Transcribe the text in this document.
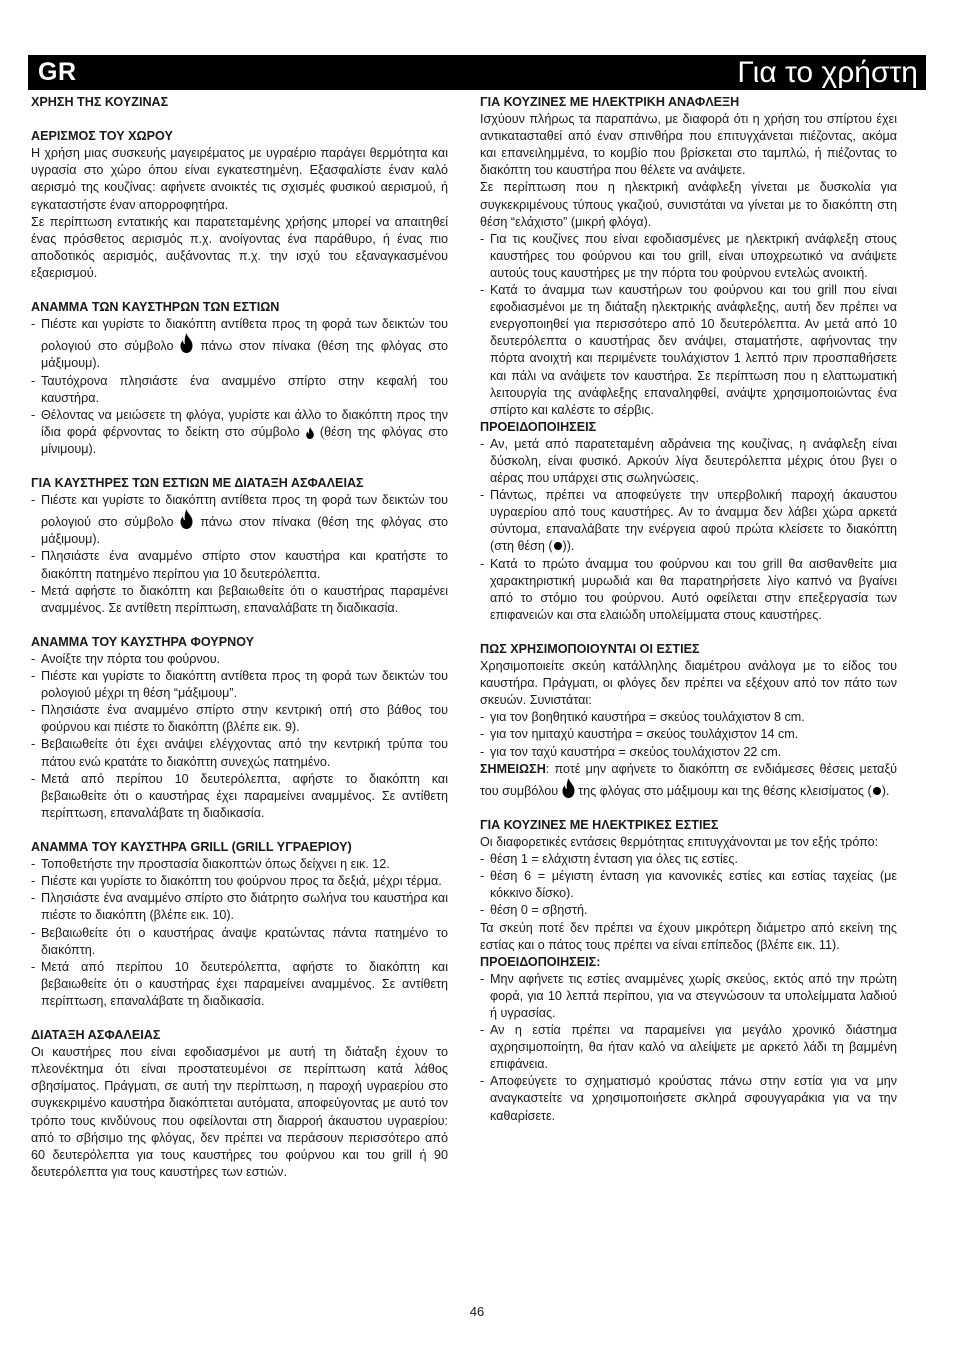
GR	Για το χρήστη
ΧΡΗΣΗ ΤΗΣ ΚΟΥΖΙΝΑΣ
ΑΕΡΙΣΜΟΣ ΤΟΥ ΧΩΡΟΥ

Η χρήση μιας συσκευής μαγειρέματος με υγραέριο παράγει θερμότητα και υγρασία στο χώρο όπου είναι εγκατεστημένη. Εξασφαλίστε έναν καλό αερισμό της κουζίνας: αφήνετε ανοικτές τις σχισμές φυσικού αερισμού, ή εγκαταστήστε έναν απορροφητήρα.

Σε περίπτωση εντατικής και παρατεταμένης χρήσης μπορεί να απαιτηθεί ένας πρόσθετος αερισμός π.χ. ανοίγοντας ένα παράθυρο, ή ένας πιο αποδοτικός αερισμός, αυξάνοντας π.χ. την ισχύ του εξαναγκασμένου εξαερισμού.

ΑΝΑΜΜΑ ΤΩΝ ΚΑΥΣΤΗΡΩΝ ΤΩΝ ΕΣΤΙΩΝ
- Πιέστε και γυρίστε το διακόπτη αντίθετα προς τη φορά των δεικτών του ρολογιού στο σύμβολο πάνω στον πίνακα (θέση της φλόγας στο μάξιμουμ).
- Ταυτόχρονα πλησιάστε ένα αναμμένο σπίρτο στην κεφαλή του καυστήρα.
- Θέλοντας να μειώσετε τη φλόγα, γυρίστε και άλλο το διακόπτη προς την ίδια φορά φέρνοντας το δείκτη στο σύμβολο (θέση της φλόγας στο μίνιμουμ).
ΓΙΑ ΚΑΥΣΤΗΡΕΣ ΤΩΝ ΕΣΤΙΩΝ ΜΕ ΔΙΑΤΑΞΗ ΑΣΦΑΛΕΙΑΣ
- Πιέστε και γυρίστε το διακόπτη αντίθετα προς τη φορά των δεικτών του ρολογιού στο σύμβολο πάνω στον πίνακα (θέση της φλόγας στο μάξιμουμ).
- Πλησιάστε ένα αναμμένο σπίρτο στον καυστήρα και κρατήστε το διακόπτη πατημένο περίπου για 10 δευτερόλεπτα.
- Μετά αφήστε το διακόπτη και βεβαιωθείτε ότι ο καυστήρας παραμένει αναμμένος. Σε αντίθετη περίπτωση, επαναλάβατε τη διαδικασία.
ΑΝΑΜΜΑ ΤΟΥ ΚΑΥΣΤΗΡΑ ΦΟΥΡΝΟΥ
- Ανοίξτε την πόρτα του φούρνου.
- Πιέστε και γυρίστε το διακόπτη αντίθετα προς τη φορά των δεικτών του ρολογιού μέχρι τη θέση “μάξιμουμ”.
- Πλησιάστε ένα αναμμένο σπίρτο στην κεντρική οπή στο βάθος του φούρνου και πιέστε το διακόπτη (βλέπε εικ. 9).
- Βεβαιωθείτε ότι έχει ανάψει ελέγχοντας από την κεντρική τρύπα του πάτου ενώ κρατάτε το διακόπτη συνεχώς πατημένο.
- Μετά από περίπου 10 δευτερόλεπτα, αφήστε το διακόπτη και βεβαιωθείτε ότι ο καυστήρας έχει παραμείνει αναμμένος. Σε αντίθετη περίπτωση, επαναλάβατε τη διαδικασία.
ΑΝΑΜΜΑ ΤΟΥ ΚΑΥΣΤΗΡΑ GRILL (GRILL ΥΓΡΑΕΡΙΟΥ)
- Τοποθετήστε την προστασία διακοπτών όπως δείχνει η εικ. 12.
- Πιέστε και γυρίστε το διακόπτη του φούρνου προς τα δεξιά, μέχρι τέρμα.
- Πλησιάστε ένα αναμμένο σπίρτο στο διάτρητο σωλήνα του καυστήρα και πιέστε το διακόπτη (βλέπε εικ. 10).
- Βεβαιωθείτε ότι ο καυστήρας άναψε κρατώντας πάντα πατημένο το διακόπτη.
- Μετά από περίπου 10 δευτερόλεπτα, αφήστε το διακόπτη και βεβαιωθείτε ότι ο καυστήρας έχει παραμείνει αναμμένος. Σε αντίθετη περίπτωση, επαναλάβατε τη διαδικασία.
ΔΙΑΤΑΞΗ ΑΣΦΑΛΕΙΑΣ

Οι καυστήρες που είναι εφοδιασμένοι με αυτή τη διάταξη έχουν το πλεονέκτημα ότι είναι προστατευμένοι σε περίπτωση κατά λάθος σβησίματος. Πράγματι, σε αυτή την περίπτωση, η παροχή υγραερίου στο συγκεκριμένο καυστήρα διακόπτεται αυτόματα, αποφεύγοντας με αυτό τον τρόπο τους κινδύνους που οφείλονται στη διαρροή άκαυστου υγραερίου: από το σβήσιμο της φλόγας, δεν πρέπει να περάσουν περισσότερο από 60 δευτερόλεπτα για τους καυστήρες του φούρνου και του grill ή 90 δευτερόλεπτα για τους καυστήρες των εστιών.

ΓΙΑ ΚΟΥΖΙΝΕΣ ΜΕ ΗΛΕΚΤΡΙΚΗ ΑΝΑΦΛΕΞΗ

Ισχύουν πλήρως τα παραπάνω, με διαφορά ότι η χρήση του σπίρτου έχει αντικατασταθεί από έναν σπινθήρα που επιτυγχάνεται πιέζοντας, ακόμα και επανειλημμένα, το κομβίο που βρίσκεται στο ταμπλώ, ή πιέζοντας το διακόπτη του καυστήρα που θέλετε να ανάψετε.

Σε περίπτωση που η ηλεκτρική ανάφλεξη γίνεται με δυσκολία για συγκεκριμένους τύπους γκαζιού, συνιστάται να γίνεται με το διακόπτη στη θέση “ελάχιστο” (μικρή φλόγα).

- Για τις κουζίνες που είναι εφοδιασμένες με ηλεκτρική ανάφλεξη στους καυστήρες του φούρνου και του grill, είναι υποχρεωτικό να ανάψετε αυτούς τους καυστήρες με την πόρτα του φούρνου εντελώς ανοικτή.
- Κατά το άναμμα των καυστήρων του φούρνου και του grill που είναι εφοδιασμένοι με τη διάταξη ηλεκτρικής ανάφλεξης, αυτή δεν πρέπει να ενεργοποιηθεί για περισσότερο από 10 δευτερόλεπτα. Αν μετά από 10 δευτερόλεπτα ο καυστήρας δεν ανάψει, σταματήστε, αφήνοντας την πόρτα ανοιχτή και περιμένετε τουλάχιστον 1 λεπτό πριν προσπαθήσετε και πάλι να ανάψετε τον καυστήρα. Σε περίπτωση που η ελαττωματική λειτουργία της ανάφλεξης επαναληφθεί, ανάψτε χρησιμοποιώντας ένα σπίρτο και καλέστε το σέρβις.
ΠΡΟΕΙΔΟΠΟΙΗΣΕΙΣ
- Αν, μετά από παρατεταμένη αδράνεια της κουζίνας, η ανάφλεξη είναι δύσκολη, είναι φυσικό. Αρκούν λίγα δευτερόλεπτα μέχρις ότου βγει ο αέρας που υπάρχει στις σωληνώσεις.
- Πάντως, πρέπει να αποφεύγετε την υπερβολική παροχή άκαυστου υγραερίου από τους καυστήρες. Αν το άναμμα δεν λάβει χώρα αρκετά σύντομα, επαναλάβατε την ενέργεια αφού πρώτα κλείσετε το διακόπτη (στη θέση ( )).
- Κατά το πρώτο άναμμα του φούρνου και του grill θα αισθανθείτε μια χαρακτηριστική μυρωδιά και θα παρατηρήσετε λίγο καπνό να βγαίνει από το στόμιο του φούρνου. Αυτό οφείλεται στην επεξεργασία των επιφανειών και στα ελαιώδη υπολείμματα στους καυστήρες.
ΠΩΣ ΧΡΗΣΙΜΟΠΟΙΟΥΝΤΑΙ ΟΙ ΕΣΤΙΕΣ

Χρησιμοποιείτε σκεύη κατάλληλης διαμέτρου ανάλογα με το είδος του καυστήρα. Πράγματι, οι φλόγες δεν πρέπει να εξέχουν από τον πάτο των σκευών. Συνιστάται:

- για τον βοηθητικό καυστήρα = σκεύος τουλάχιστον 8 cm.
- για τον ημιταχύ καυστήρα = σκεύος τουλάχιστον 14 cm.
- για τον ταχύ καυστήρα = σκεύος τουλάχιστον 22 cm.

ΣΗΜΕΙΩΣΗ: ποτέ μην αφήνετε το διακόπτη σε ενδιάμεσες θέσεις μεταξύ του συμβόλου της φλόγας στο μάξιμουμ και της θέσης κλεισίματος ( ).

ΓΙΑ ΚΟΥΖΙΝΕΣ ΜΕ ΗΛΕΚΤΡΙΚΕΣ ΕΣΤΙΕΣ

Οι διαφορετικές εντάσεις θερμότητας επιτυγχάνονται με τον εξής τρόπο:

- θέση 1 = ελάχιστη ένταση για όλες τις εστίες.
- θέση 6 = μέγιστη ένταση για κανονικές εστίες και εστίας ταχείας (με κόκκινο δίσκο).
- θέση 0 = σβηστή.

Τα σκεύη ποτέ δεν πρέπει να έχουν μικρότερη διάμετρο από εκείνη της εστίας και ο πάτος τους πρέπει να είναι επίπεδος (βλέπε εικ. 11).

ΠΡΟΕΙΔΟΠΟΙΗΣΕΙΣ:
- Μην αφήνετε τις εστίες αναμμένες χωρίς σκεύος, εκτός από την πρώτη φορά, για 10 λεπτά περίπου, για να στεγνώσουν τα υπολείμματα λαδιού ή υγρασίας.
- Αν η εστία πρέπει να παραμείνει για μεγάλο χρονικό διάστημα αχρησιμοποίητη, θα ήταν καλό να αλείψετε με αρκετό λάδι τη βαμμένη επιφάνεια.
- Αποφεύγετε το σχηματισμό κρούστας πάνω στην εστία για να μην αναγκαστείτε να χρησιμοποιήσετε σκληρά σφουγγαράκια για να την καθαρίσετε.
46
